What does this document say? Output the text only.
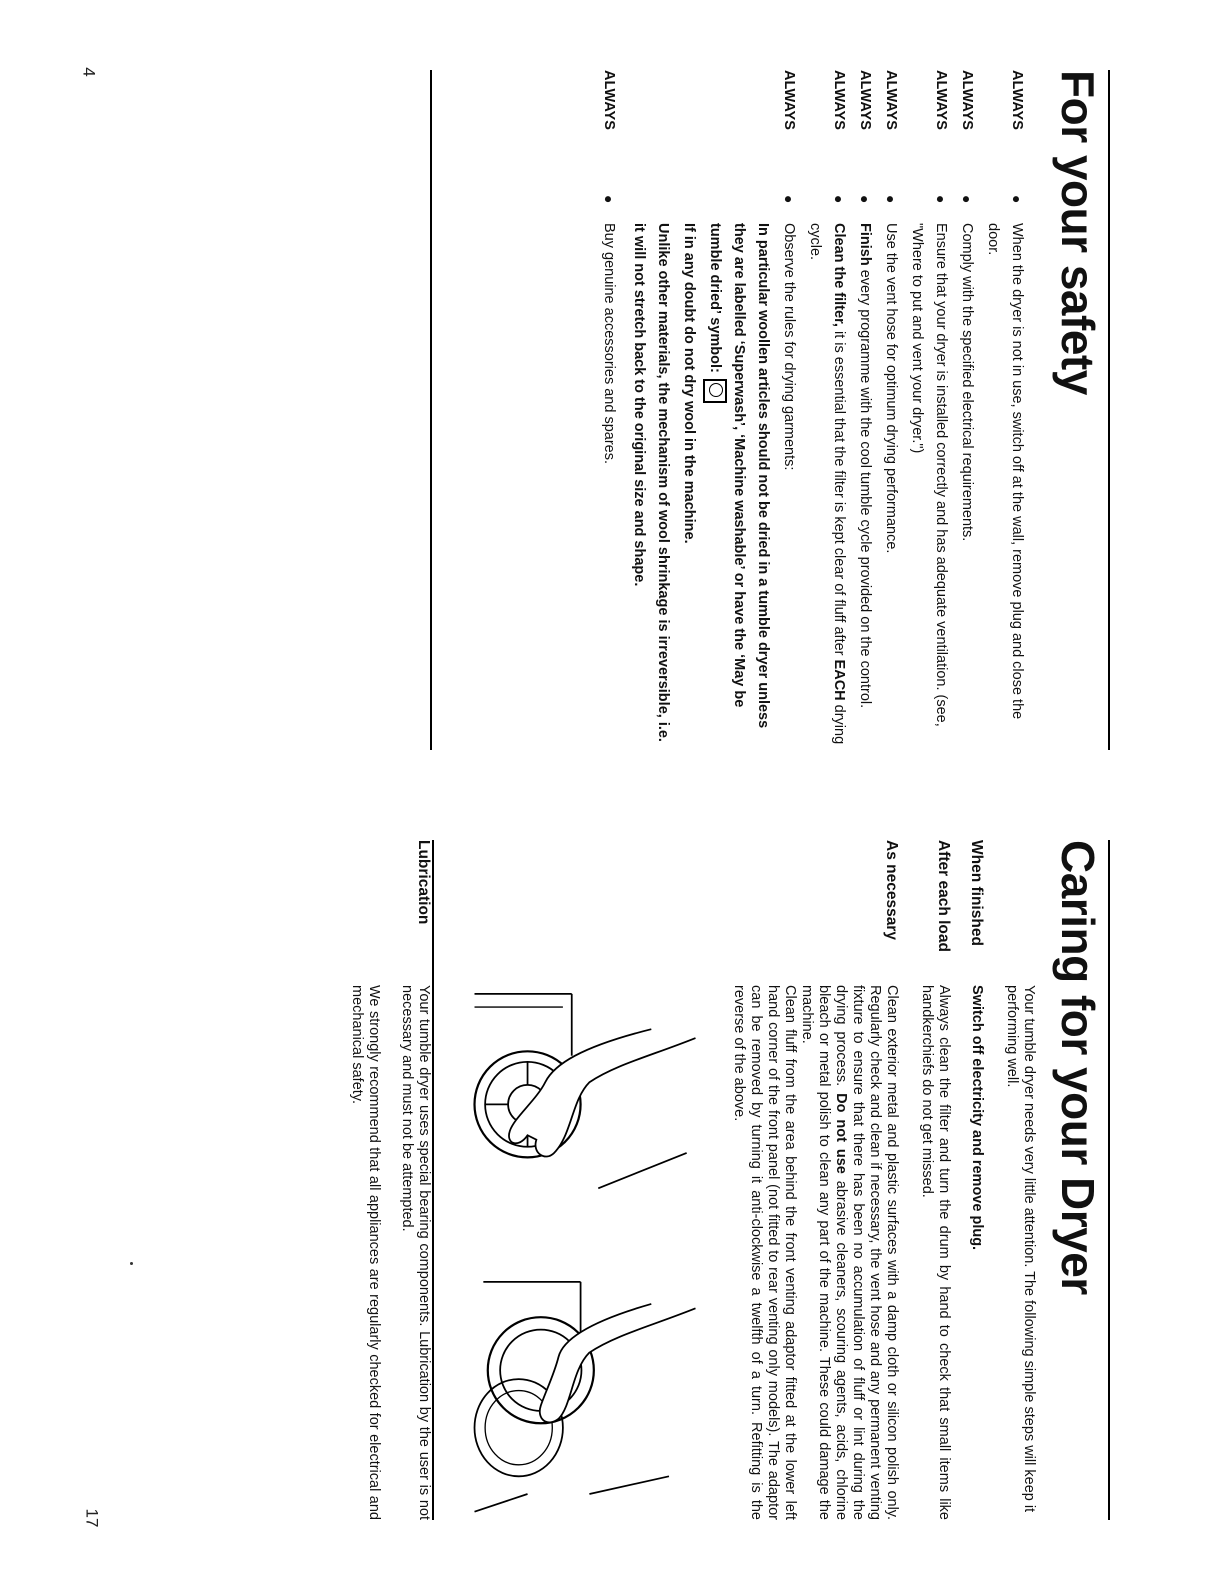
4
17
For your safety
ALWAYS
●
When the dryer is not in use, switch off at the wall, remove plug and close the door.
ALWAYS
●
Comply with the specified electrical requirements.
ALWAYS
●
Ensure that your dryer is installed correctly and has adequate ventilation. (see, "Where to put and vent your dryer.")
ALWAYS
●
Use the vent hose for optimum drying performance.
ALWAYS
●
Finish every programme with the cool tumble cycle provided on the control.
ALWAYS
●
Clean the filter, it is essential that the filter is kept clear of fluff after EACH drying cycle.
ALWAYS
●
Observe the rules for drying garments:
In particular woollen articles should not be dried in a tumble dryer unless they are labelled ‘Superwash’, ‘Machine washable’ or have the ‘May be tumble dried’ symbol:
If in any doubt do not dry wool in the machine.
Unlike other materials, the mechanism of wool shrinkage is irreversible, i.e. it will not stretch back to the original size and shape.
ALWAYS
●
Buy genuine accessories and spares.
Caring for your Dryer
Your tumble dryer needs very little attention. The following simple steps will keep it performing well.
When finished
Switch off electricity and remove plug.
After each load
Always clean the filter and turn the drum by hand to check that small items like handkerchiefs do not get missed.
As necessary

Clean exterior metal and plastic surfaces with a damp cloth or silicon polish only. Regularly check and clean if necessary, the vent hose and any permanent venting fixture to ensure that there has been no accumulation of fluff or lint during the drying process. Do not use abrasive cleaners, scouring agents, acids, chlorine bleach or metal polish to clean any part of the machine. These could damage the machine.

Clean fluff from the area behind the front venting adaptor fitted at the lower left hand corner of the front panel (not fitted to rear venting only models). The adaptor can be removed by turning it anti-clockwise a twelfth of a turn. Refitting is the reverse of the above.

Lubrication

Your tumble dryer uses special bearing components. Lubrication by the user is not necessary and must not be attempted.

We strongly recommend that all appliances are regularly checked for electrical and mechanical safety.
